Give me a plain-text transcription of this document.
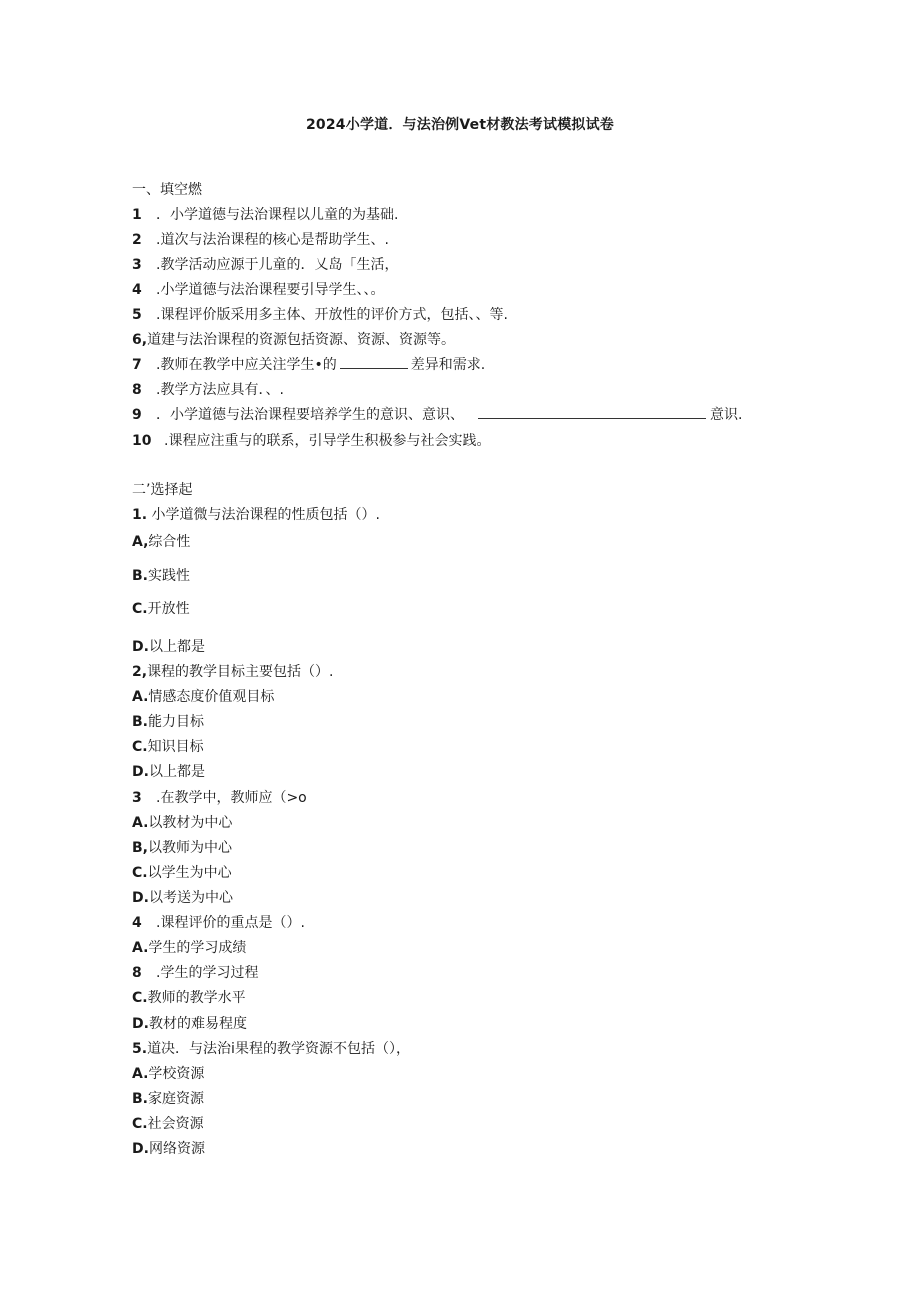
2024小学道．与法治例Vet材教法考试模拟试卷
一、填空燃
1 ．小学道德与法治课程以儿童的为基础.
2 .道次与法治课程的核心是帮助学生、.
3 .教学活动应源于儿童的．乂岛「生活，
4 .小学道德与法治课程要引导学生、、。
5 .课程评价版采用多主体、开放性的评价方式，包括、、等.
6,道建与法治课程的资源包括资源、资源、资源等。
7 .教师在教学中应关注学生•的	差异和需求.
8 .教学方法应具有．、.
9 ．小学道德与法治课程要培养学生的意识、意识、	意识.
10 .课程应注重与的联系，引导学生积极参与社会实践。
二’选择起
1. 小学道微与法治课程的性质包括（）.
A,综合性
B.实践性
C.开放性
D.以上都是
2,课程的教学目标主要包括（）.
A.情感态度价值观目标
B.能力目标
C.知识目标
D.以上都是
3 .在教学中，教师应（>o
A.以教材为中心
B,以教师为中心
C.以学生为中心
D.以考送为中心
4 .课程评价的重点是（）.
A.学生的学习成绩
8 .学生的学习过程
C.教师的教学水平
D.教材的难易程度
5.道决．与法治i果程的教学资源不包括（），
A.学校资源
B.家庭资源
C.社会资源
D.网络资源
